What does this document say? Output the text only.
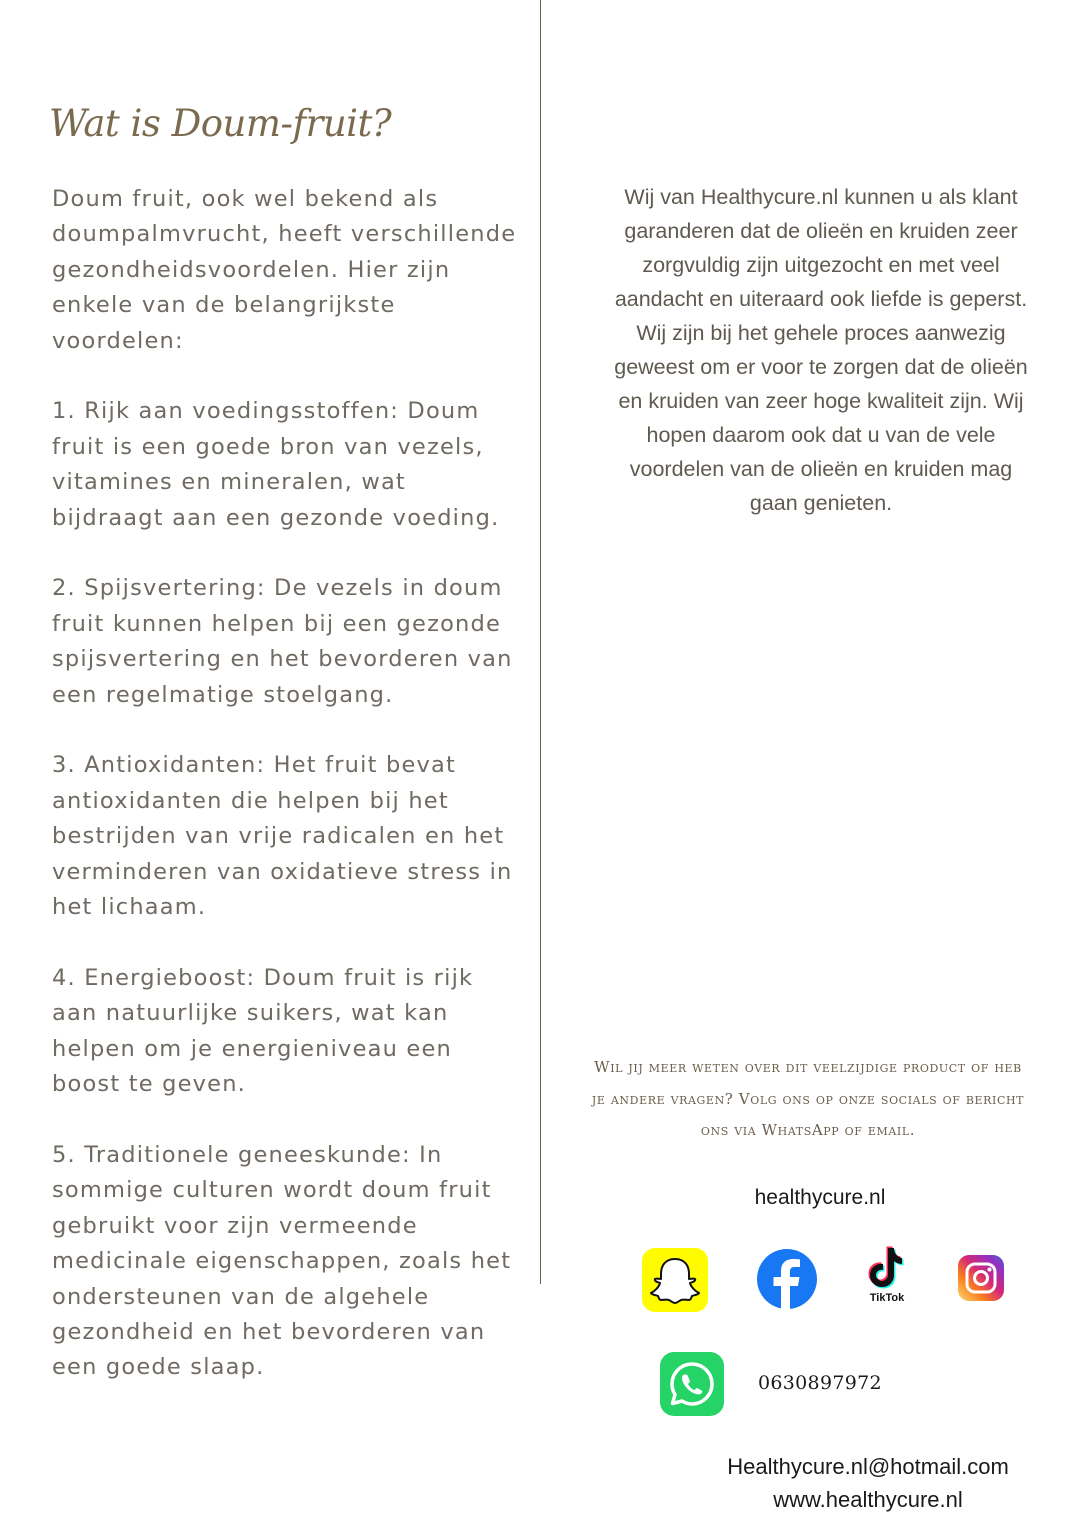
Wat is Doum-fruit?

Doum fruit, ook wel bekend als doumpalmvrucht, heeft verschillende gezondheidsvoordelen. Hier zijn enkele van de belangrijkste voordelen:

1. Rijk aan voedingsstoffen: Doum fruit is een goede bron van vezels, vitamines en mineralen, wat bijdraagt aan een gezonde voeding.

2. Spijsvertering: De vezels in doum fruit kunnen helpen bij een gezonde spijsvertering en het bevorderen van een regelmatige stoelgang.

3. Antioxidanten: Het fruit bevat antioxidanten die helpen bij het bestrijden van vrije radicalen en het verminderen van oxidatieve stress in het lichaam.

4. Energieboost: Doum fruit is rijk aan natuurlijke suikers, wat kan helpen om je energieniveau een boost te geven.

5. Traditionele geneeskunde: In sommige culturen wordt doum fruit gebruikt voor zijn vermeende medicinale eigenschappen, zoals het ondersteunen van de algehele gezondheid en het bevorderen van een goede slaap.

Wij van Healthycure.nl kunnen u als klant garanderen dat de olieën en kruiden zeer zorgvuldig zijn uitgezocht en met veel aandacht en uiteraard ook liefde is geperst. Wij zijn bij het gehele proces aanwezig geweest om er voor te zorgen dat de olieën en kruiden van zeer hoge kwaliteit zijn. Wij hopen daarom ook dat u van de vele voordelen van de olieën en kruiden mag gaan genieten.
Wil jij meer weten over dit veelzijdige product of heb je andere vragen? Volg ons op onze socials of bericht ons via WhatsApp of email.
healthycure.nl
TikTok
0630897972
Healthycure.nl@hotmail.com
www.healthycure.nl
